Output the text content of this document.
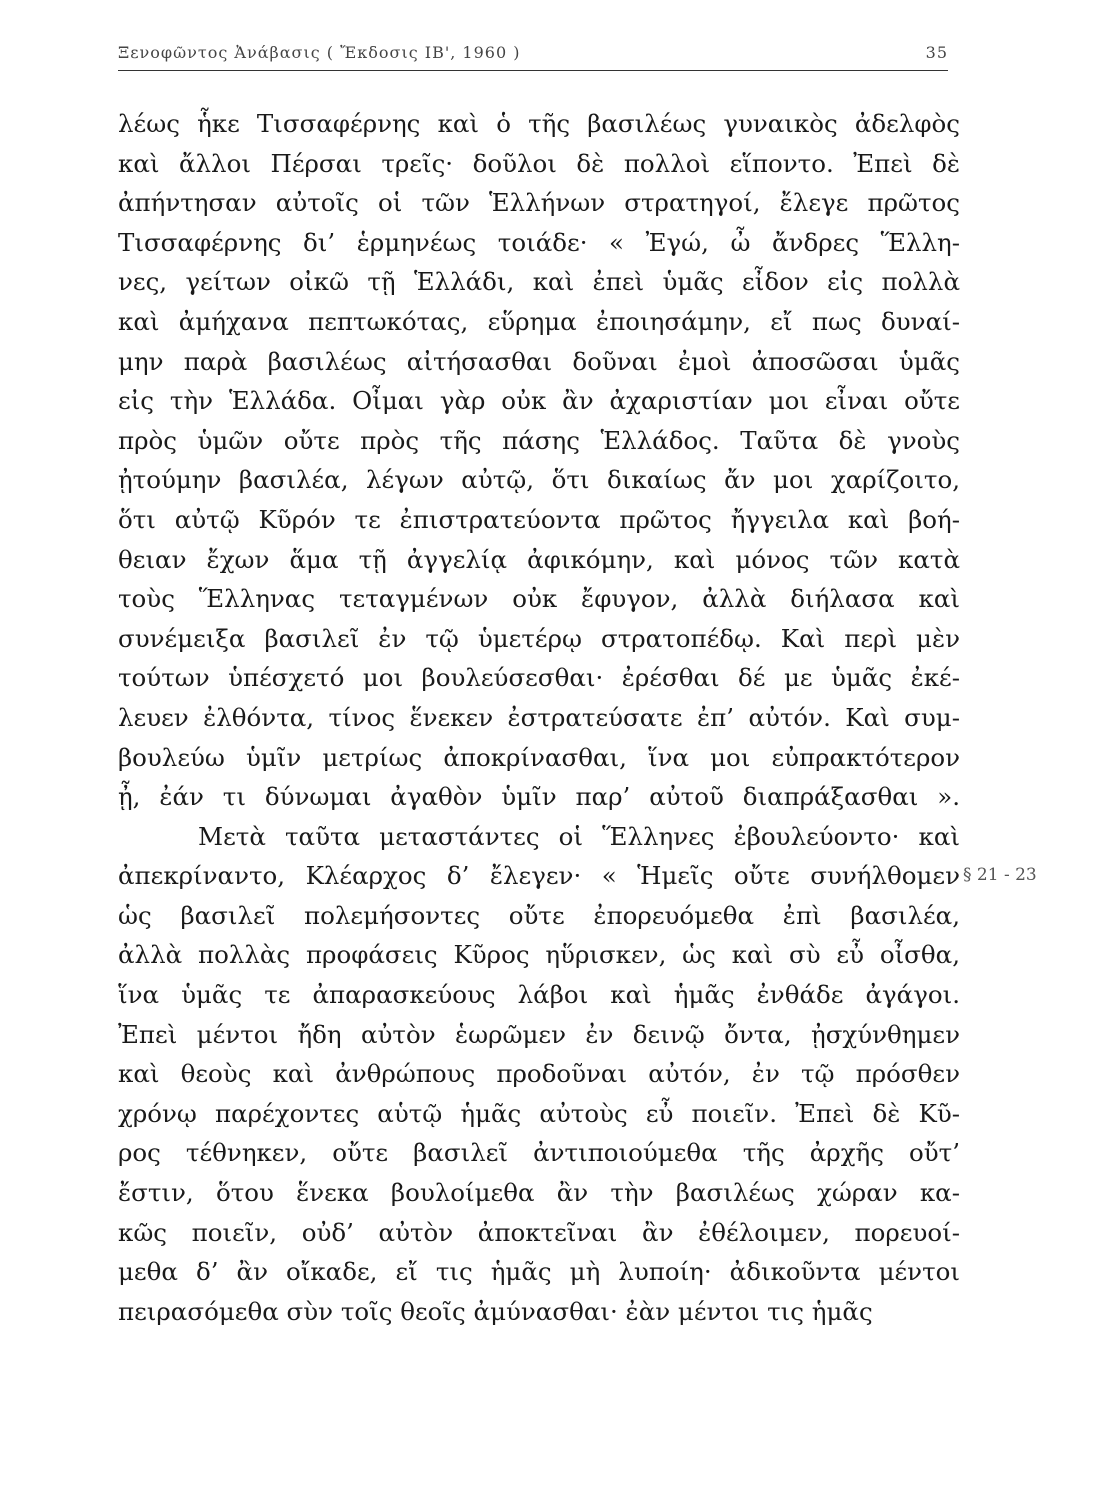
Ξενοφῶντος Ἀνάβασις ( Ἔκδοσις ΙΒ', 1960 )	35
λέως ἧκε Τισσαφέρνης καὶ ὁ τῆς βασιλέως γυναικὸς ἀδελφὸς
καὶ ἄλλοι Πέρσαι τρεῖς· δοῦλοι δὲ πολλοὶ εἵποντο. Ἐπεὶ δὲ
ἀπήντησαν αὐτοῖς οἱ τῶν Ἑλλήνων στρατηγοί, ἔλεγε πρῶτος
Τισσαφέρνης δι’ ἑρμηνέως τοιάδε· « Ἐγώ, ὦ ἄνδρες Ἕλλη-
νες, γείτων οἰκῶ τῇ Ἑλλάδι, καὶ ἐπεὶ ὑμᾶς εἶδον εἰς πολλὰ
καὶ ἀμήχανα πεπτωκότας, εὕρημα ἐποιησάμην, εἴ πως δυναί-
μην παρὰ βασιλέως αἰτήσασθαι δοῦναι ἐμοὶ ἀποσῶσαι ὑμᾶς
εἰς τὴν Ἑλλάδα. Οἶμαι γὰρ οὐκ ἂν ἀχαριστίαν μοι εἶναι οὔτε
πρὸς ὑμῶν οὔτε πρὸς τῆς πάσης Ἑλλάδος. Ταῦτα δὲ γνοὺς
ᾐτούμην βασιλέα, λέγων αὐτῷ, ὅτι δικαίως ἄν μοι χαρίζοιτο,
ὅτι αὐτῷ Κῦρόν τε ἐπιστρατεύοντα πρῶτος ἤγγειλα καὶ βοή-
θειαν ἔχων ἅμα τῇ ἀγγελίᾳ ἀφικόμην, καὶ μόνος τῶν κατὰ
τοὺς Ἕλληνας τεταγμένων οὐκ ἔφυγον, ἀλλὰ διήλασα καὶ
συνέμειξα βασιλεῖ ἐν τῷ ὑμετέρῳ στρατοπέδῳ. Καὶ περὶ μὲν
τούτων ὑπέσχετό μοι βουλεύσεσθαι· ἐρέσθαι δέ με ὑμᾶς ἐκέ-
λευεν ἐλθόντα, τίνος ἕνεκεν ἐστρατεύσατε ἐπ’ αὐτόν. Καὶ συμ-
βουλεύω ὑμῖν μετρίως ἀποκρίνασθαι, ἵνα μοι εὐπρακτότερον
ᾖ, ἐάν τι δύνωμαι ἀγαθὸν ὑμῖν παρ’ αὐτοῦ διαπράξασθαι ».
Μετὰ ταῦτα μεταστάντες οἱ Ἕλληνες ἐβουλεύοντο· καὶ
ἀπεκρίναντο, Κλέαρχος δ’ ἔλεγεν· « Ἡμεῖς οὔτε συνήλθομεν
ὡς βασιλεῖ πολεμήσοντες οὔτε ἐπορευόμεθα ἐπὶ βασιλέα,
ἀλλὰ πολλὰς προφάσεις Κῦρος ηὕρισκεν, ὡς καὶ σὺ εὖ οἶσθα,
ἵνα ὑμᾶς τε ἀπαρασκεύους λάβοι καὶ ἡμᾶς ἐνθάδε ἀγάγοι.
Ἐπεὶ μέντοι ἤδη αὐτὸν ἑωρῶμεν ἐν δεινῷ ὄντα, ᾐσχύνθημεν
καὶ θεοὺς καὶ ἀνθρώπους προδοῦναι αὐτόν, ἐν τῷ πρόσθεν
χρόνῳ παρέχοντες αὑτῷ ἡμᾶς αὐτοὺς εὖ ποιεῖν. Ἐπεὶ δὲ Κῦ-
ρος τέθνηκεν, οὔτε βασιλεῖ ἀντιποιούμεθα τῆς ἀρχῆς οὔτ’
ἔστιν, ὅτου ἕνεκα βουλοίμεθα ἂν τὴν βασιλέως χώραν κα-
κῶς ποιεῖν, οὐδ’ αὐτὸν ἀποκτεῖναι ἂν ἐθέλοιμεν, πορευοί-
μεθα δ’ ἂν οἴκαδε, εἴ τις ἡμᾶς μὴ λυποίη· ἀδικοῦντα μέντοι
πειρασόμεθα σὺν τοῖς θεοῖς ἀμύνασθαι· ἐὰν μέντοι τις ἡμᾶς
§ 21 - 23
